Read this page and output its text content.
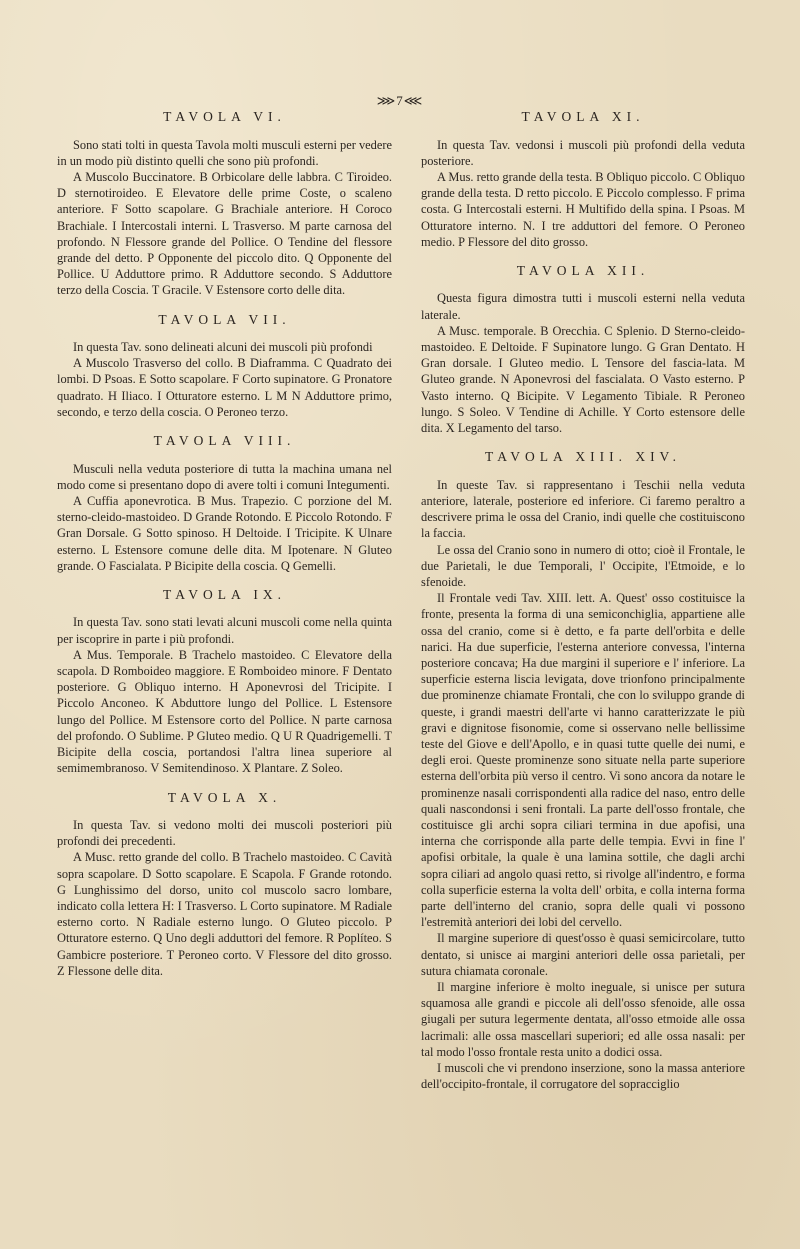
⋙7⋘
TAVOLA VI.

Sono stati tolti in questa Tavola molti musculi esterni per vedere in un modo più distinto quelli che sono più profondi.

A Muscolo Buccinatore. B Orbicolare delle labbra. C Tiroideo. D sternotiroideo. E Elevatore delle prime Coste, o scaleno anteriore. F Sotto scapolare. G Brachiale anteriore. H Coroco Brachiale. I Intercostali interni. L Trasverso. M parte carnosa del profondo. N Flessore grande del Pollice. O Tendine del flessore grande del detto. P Opponente del piccolo dito. Q Opponente del Pollice. U Adduttore primo. R Adduttore secondo. S Adduttore terzo della Coscia. T Gracile. V Estensore corto delle dita.

TAVOLA VII.

In questa Tav. sono delineati alcuni dei muscoli più profondi

A Muscolo Trasverso del collo. B Diaframma. C Quadrato dei lombi. D Psoas. E Sotto scapolare. F Corto supinatore. G Pronatore quadrato. H Iliaco. I Otturatore esterno. L M N Adduttore primo, secondo, e terzo della coscia. O Peroneo terzo.

TAVOLA VIII.

Musculi nella veduta posteriore di tutta la machina umana nel modo come si presentano dopo di avere tolti i comuni Integumenti.

A Cuffia aponevrotica. B Mus. Trapezio. C porzione del M. sterno-cleido-mastoideo. D Grande Rotondo. E Piccolo Rotondo. F Gran Dorsale. G Sotto spinoso. H Deltoide. I Tricipite. K Ulnare esterno. L Estensore comune delle dita. M Ipotenare. N Gluteo grande. O Fascialata. P Bicipite della coscia. Q Gemelli.

TAVOLA IX.

In questa Tav. sono stati levati alcuni muscoli come nella quinta per iscoprire in parte i più profondi.

A Mus. Temporale. B Trachelo mastoideo. C Elevatore della scapola. D Romboideo maggiore. E Romboideo minore. F Dentato posteriore. G Obliquo interno. H Aponevrosi del Tricipite. I Piccolo Anconeo. K Abduttore lungo del Pollice. L Estensore lungo del Pollice. M Estensore corto del Pollice. N parte carnosa del profondo. O Sublime. P Gluteo medio. Q U R Quadrigemelli. T Bicipite della coscia, portandosi l'altra linea superiore al semimembranoso. V Semitendinoso. X Plantare. Z Soleo.

TAVOLA X.

In questa Tav. si vedono molti dei muscoli posteriori più profondi dei precedenti.

A Musc. retto grande del collo. B Trachelo mastoideo. C Cavità sopra scapolare. D Sotto scapolare. E Scapola. F Grande rotondo. G Lunghissimo del dorso, unito col muscolo sacro lombare, indicato colla lettera H: I Trasverso. L Corto supinatore. M Radiale esterno corto. N Radiale esterno lungo. O Gluteo piccolo. P Otturatore esterno. Q Uno degli adduttori del femore. R Poplíteo. S Gambicre posteriore. T Peroneo corto. V Flessore del dito grosso. Z Flessone delle dita.

TAVOLA XI.

In questa Tav. vedonsi i muscoli più profondi della veduta posteriore.

A Mus. retto grande della testa. B Obliquo piccolo. C Obliquo grande della testa. D retto piccolo. E Piccolo complesso. F prima costa. G Intercostali esterni. H Multifido della spina. I Psoas. M Otturatore interno. N. I tre adduttori del femore. O Peroneo medio. P Flessore del dito grosso.

TAVOLA XII.

Questa figura dimostra tutti i muscoli esterni nella veduta laterale.

A Musc. temporale. B Orecchia. C Splenio. D Sterno-cleido-mastoideo. E Deltoide. F Supinatore lungo. G Gran Dentato. H Gran dorsale. I Gluteo medio. L Tensore del fascia-lata. M Gluteo grande. N Aponevrosi del fascialata. O Vasto esterno. P Vasto interno. Q Bicipite. V Legamento Tibiale. R Peroneo lungo. S Soleo. V Tendine di Achille. Y Corto estensore delle dita. X Legamento del tarso.

TAVOLA XIII. XIV.

In queste Tav. si rappresentano i Teschii nella veduta anteriore, laterale, posteriore ed inferiore. Ci faremo peraltro a descrivere prima le ossa del Cranio, indi quelle che costituiscono la faccia.

Le ossa del Cranio sono in numero di otto; cioè il Frontale, le due Parietali, le due Temporali, l' Occipite, l'Etmoide, e lo sfenoide.

Il Frontale vedi Tav. XIII. lett. A. Quest' osso costituisce la fronte, presenta la forma di una semiconchiglia, appartiene alle ossa del cranio, come si è detto, e fa parte dell'orbita e delle narici. Ha due superficie, l'esterna anteriore convessa, l'interna posteriore concava; Ha due margini il superiore e l' inferiore. La superficie esterna liscia levigata, dove trionfono principalmente due prominenze chiamate Frontali, che con lo sviluppo grande di queste, i grandi maestri dell'arte vi hanno caratterizzate le più gravi e dignitose fisonomie, come si osservano nelle bellissime teste del Giove e dell'Apollo, e in quasi tutte quelle dei numi, e degli eroi. Queste prominenze sono situate nella parte superiore esterna dell'orbita più verso il centro. Vi sono ancora da notare le prominenze nasali corrispondenti alla radice del naso, entro delle quali nascondonsi i seni frontali. La parte dell'osso frontale, che costituisce gli archi sopra ciliari termina in due apofisi, una interna che corrisponde alla parte delle tempia. Evvi in fine l' apofisi orbitale, la quale è una lamina sottile, che dagli archi sopra ciliari ad angolo quasi retto, si rivolge all'indentro, e forma colla superficie esterna la volta dell' orbita, e colla interna forma parte dell'interno del cranio, sopra delle quali vi possono l'estremità anteriori dei lobi del cervello.

Il margine superiore di quest'osso è quasi semicircolare, tutto dentato, si unisce ai margini anteriori delle ossa parietali, per sutura chiamata coronale.

Il margine inferiore è molto ineguale, si unisce per sutura squamosa alle grandi e piccole ali dell'osso sfenoide, alle ossa giugali per sutura legermente dentata, all'osso etmoide alle ossa lacrimali: alle ossa mascellari superiori; ed alle ossa nasali: per tal modo l'osso frontale resta unito a dodici ossa.

I muscoli che vi prendono inserzione, sono la massa anteriore dell'occipito-frontale, il corrugatore del sopracciglio
